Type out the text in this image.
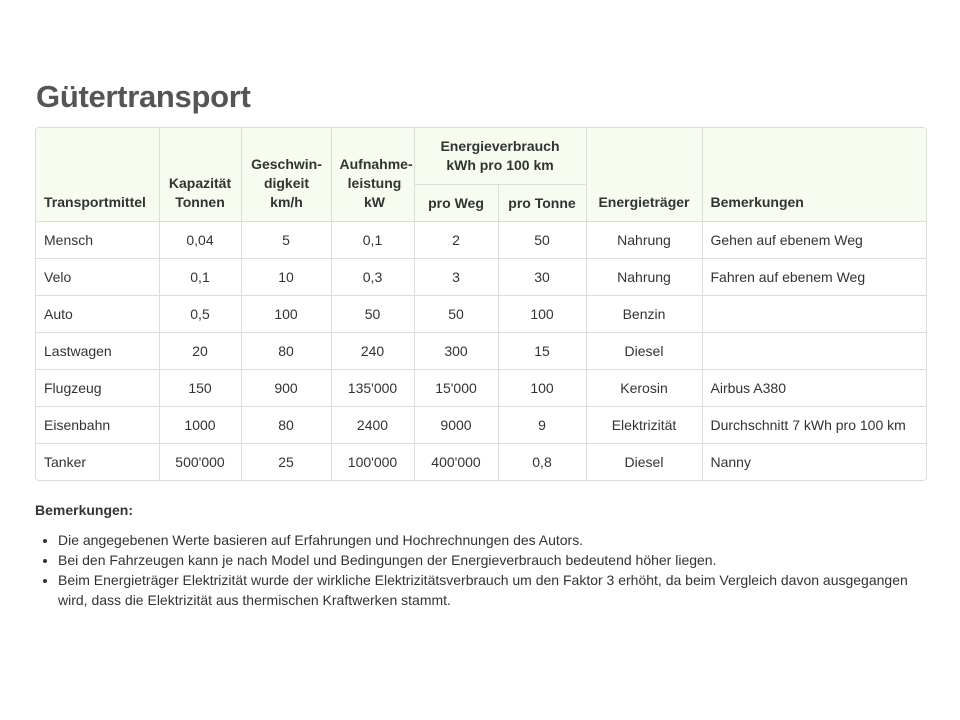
Gütertransport
Transportmittel	Kapazität Tonnen	Geschwin- digkeit km/h	Aufnahme- leistung kW	Energieverbrauch kWh pro 100 km		Energieträger	Bemerkungen
				pro Weg	pro Tonne		
Mensch	0,04	5	0,1	2	50	Nahrung	Gehen auf ebenem Weg
Velo	0,1	10	0,3	3	30	Nahrung	Fahren auf ebenem Weg
Auto	0,5	100	50	50	100	Benzin	
Lastwagen	20	80	240	300	15	Diesel	
Flugzeug	150	900	135'000	15'000	100	Kerosin	Airbus A380
Eisenbahn	1000	80	2400	9000	9	Elektrizität	Durchschnitt 7 kWh pro 100 km
Tanker	500'000	25	100'000	400'000	0,8	Diesel	Nanny

Bemerkungen:

• Die angegebenen Werte basieren auf Erfahrungen und Hochrechnungen des Autors.
• Bei den Fahrzeugen kann je nach Model und Bedingungen der Energieverbrauch bedeutend höher liegen.
• Beim Energieträger Elektrizität wurde der wirkliche Elektrizitätsverbrauch um den Faktor 3 erhöht, da beim Vergleich davon ausgegangen wird, dass die Elektrizität aus thermischen Kraftwerken stammt.
